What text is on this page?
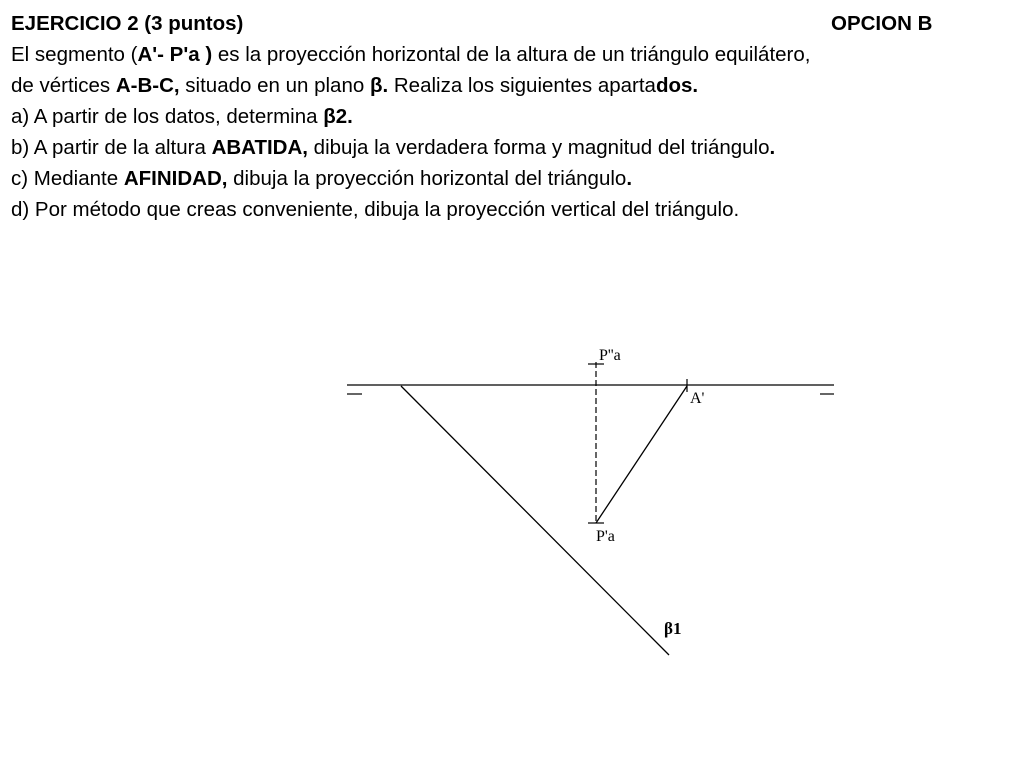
EJERCICIO 2 (3 puntos)	OPCION B
El segmento (A'- P'a ) es la proyección horizontal de la altura de un triángulo equilátero,
de vértices A-B-C, situado en un plano β. Realiza los siguientes apartados.
a) A partir de los datos, determina β2.
b) A partir de la altura ABATIDA, dibuja la verdadera forma y magnitud del triángulo.
c) Mediante AFINIDAD, dibuja la proyección horizontal del triángulo.
d) Por método que creas conveniente, dibuja la proyección vertical del triángulo.
P''a
A'
P'a
β1
